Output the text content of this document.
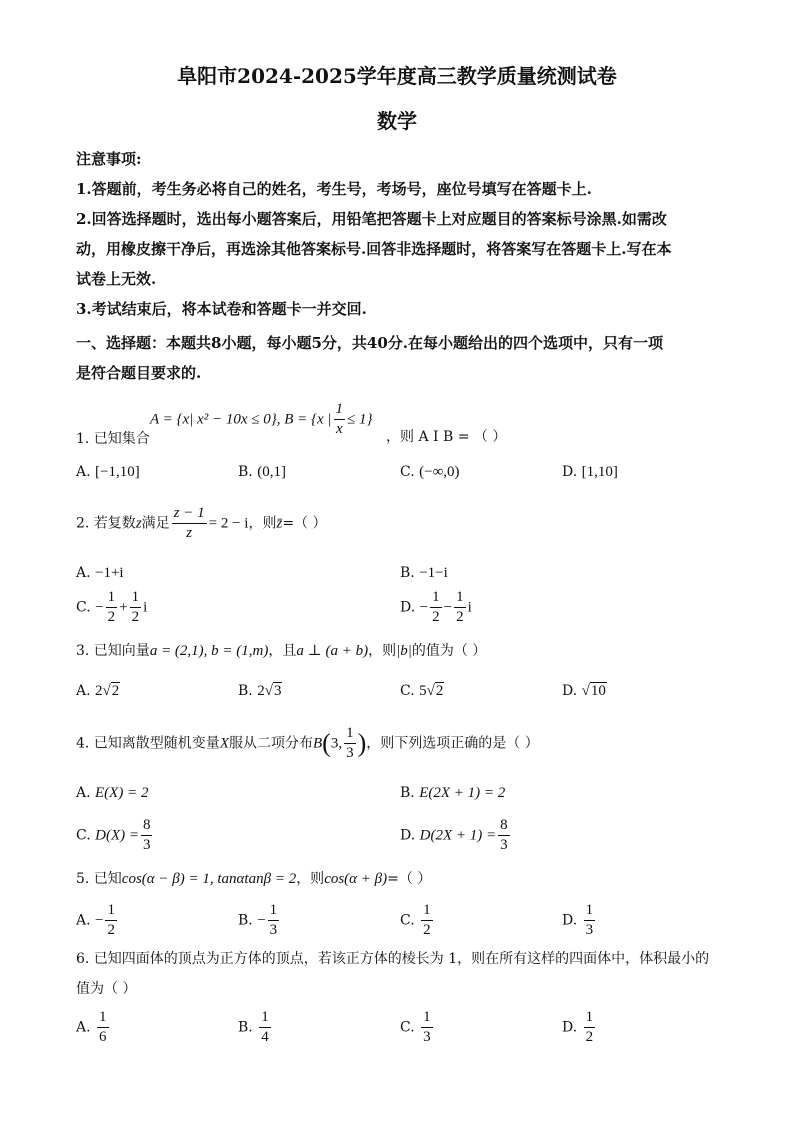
阜阳市2024-2025学年度高三教学质量统测试卷
数学
注意事项:
1.答题前，考生务必将自己的姓名，考生号，考场号，座位号填写在答题卡上.
2.回答选择题时，选出每小题答案后，用铅笔把答题卡上对应题目的答案标号涂黑.如需改
动，用橡皮擦干净后，再选涂其他答案标号.回答非选择题时，将答案写在答题卡上.写在本
试卷上无效.
3.考试结束后，将本试卷和答题卡一并交回.
一、选择题：本题共8小题，每小题5分，共40分.在每小题给出的四个选项中，只有一项
是符合题目要求的.
A = {x| x² − 10x ≤ 0}, B = {x | $\frac{1}{x} \le 1$}
1. 已知集合	，则 A I B = （ ）
A. [−1,10]	B. (0,1]	C. (−∞,0)	D. [1,10]
2. 若复数z满足 $\frac{z - 1}{z} = 2 - i$，则z̄=（ ）
A. −1+i	B. −1−i
C. − $\frac{1}{2} + \frac{1}{2}$ i	D. − $\frac{1}{2} - \frac{1}{2}$ i
3. 已知向量a = (2,1), b = (1,m)，且a ⊥ (a + b)，则|b|的值为（ ）
A. 2√2	B. 2√3	C. 5√2	D. √10
4. 已知离散型随机变量X服从二项分布B(3, $\frac{1}{3}$ )，则下列选项正确的是（ ）
A. E(X) = 2	B. E(2X + 1) = 2
C. $D(X) = \frac{8}{3}$	D. $D(2X + 1) = \frac{8}{3}$
5. 已知cos(α − β) = 1, tanαtanβ = 2，则cos(α + β)=（ ）
A. − $\frac{1}{2}$	B. − $\frac{1}{3}$	C. $\frac{1}{2}$	D. $\frac{1}{3}$
6. 已知四面体的顶点为正方体的顶点，若该正方体的棱长为 1，则在所有这样的四面体中，体积最小的
值为（ ）
A. $\frac{1}{6}$	B. $\frac{1}{4}$	C. $\frac{1}{3}$	D. $\frac{1}{2}$
